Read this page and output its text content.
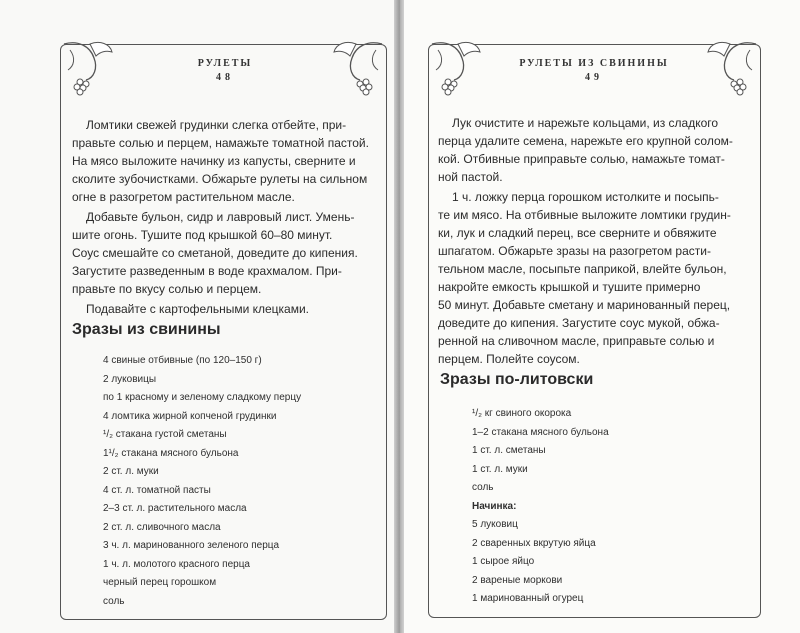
РУЛЕТЫ
48

Ломтики свежей грудинки слегка отбейте, при-
правьте солью и перцем, намажьте томатной пастой.
На мясо выложите начинку из капусты, сверните и
сколите зубочистками. Обжарьте рулеты на сильном
огне в разогретом растительном масле.

Добавьте бульон, сидр и лавровый лист. Умень-
шите огонь. Тушите под крышкой 60–80 минут.
Соус смешайте со сметаной, доведите до кипения.
Загустите разведенным в воде крахмалом. При-
правьте по вкусу солью и перцем.

Подавайте с картофельными клецками.

Зразы из свинины
4 свиные отбивные (по 120–150 г)
2 луковицы
по 1 красному и зеленому сладкому перцу
4 ломтика жирной копченой грудинки
¹/₂ стакана густой сметаны
1¹/₂ стакана мясного бульона
2 ст. л. муки
4 ст. л. томатной пасты
2–3 ст. л. растительного масла
2 ст. л. сливочного масла
3 ч. л. маринованного зеленого перца
1 ч. л. молотого красного перца
черный перец горошком
соль
РУЛЕТЫ ИЗ СВИНИНЫ
49

Лук очистите и нарежьте кольцами, из сладкого
перца удалите семена, нарежьте его крупной солом-
кой. Отбивные приправьте солью, намажьте томат-
ной пастой.

1 ч. ложку перца горошком истолките и посыпь-
те им мясо. На отбивные выложите ломтики грудин-
ки, лук и сладкий перец, все сверните и обвяжите
шпагатом. Обжарьте зразы на разогретом расти-
тельном масле, посыпьте паприкой, влейте бульон,
накройте емкость крышкой и тушите примерно
50 минут. Добавьте сметану и маринованный перец,
доведите до кипения. Загустите соус мукой, обжа-
ренной на сливочном масле, приправьте солью и
перцем. Полейте соусом.

Зразы по-литовски
¹/₂ кг свиного окорока
1–2 стакана мясного бульона
1 ст. л. сметаны
1 ст. л. муки
соль
Начинка:
5 луковиц
2 сваренных вкрутую яйца
1 сырое яйцо
2 вареные моркови
1 маринованный огурец
